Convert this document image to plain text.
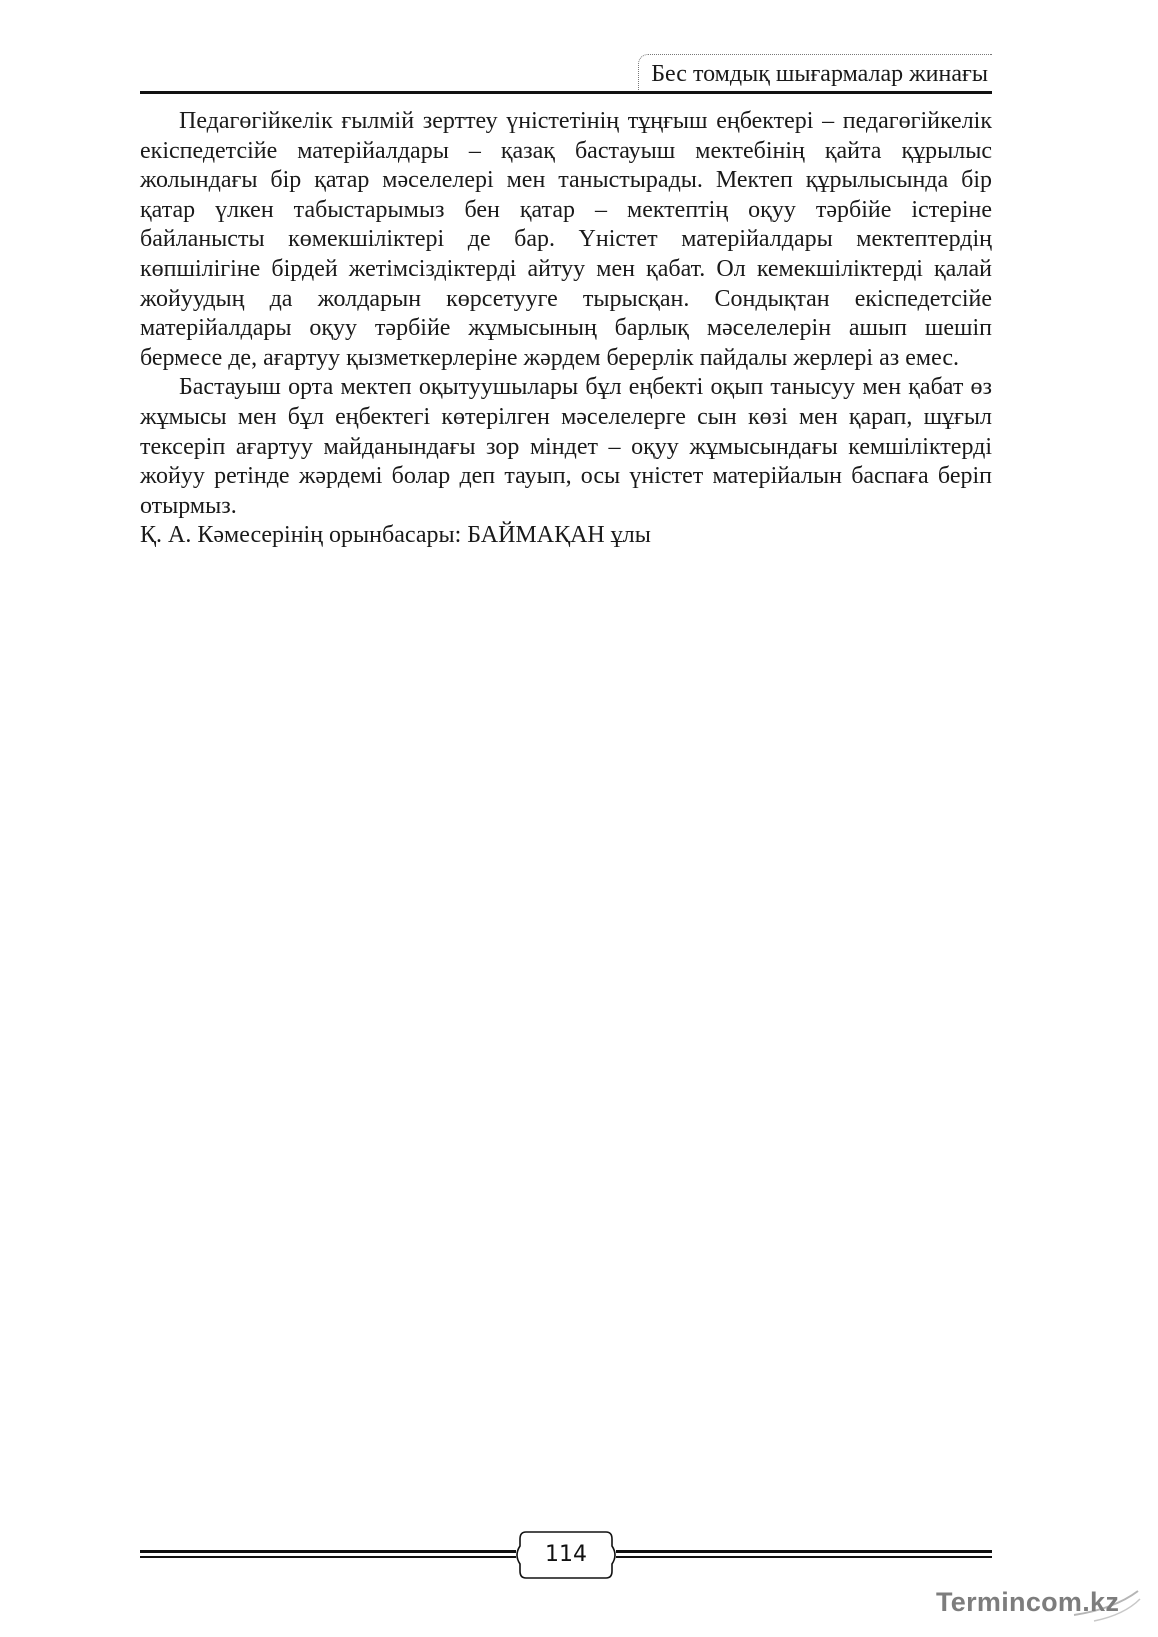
Бес томдық шығармалар жинағы

Педагөгійкелік ғылмій зерттеу үністетінің тұңғыш еңбектері – педагөгійкелік екіспедетсійе матерійалдары – қазақ бастауыш мектебінің қайта құрылыс жолындағы бір қатар мәселелері мен таныстырады. Мектеп құрылысында бір қатар үлкен табыстарымыз бен қатар – мектептің оқуу тәрбійе істеріне байланысты көмекшіліктері де бар. Үністет матерійалдары мектептердің көпшілігіне бірдей жетімсіздіктерді айтуу мен қабат. Ол кемекшіліктерді қалай жойуудың да жолдарын көрсетууге тырысқан. Сондықтан екіспедетсійе матерійалдары оқуу тәрбійе жұмысының барлық мәселелерін ашып шешіп бермесе де, ағартуу қызметкерлеріне жәрдем берерлік пайдалы жерлері аз емес.

Бастауыш орта мектеп оқытуушылары бұл еңбекті оқып танысуу мен қабат өз жұмысы мен бұл еңбектегі көтерілген мәселелерге сын көзі мен қарап, шұғыл тексеріп ағартуу майданындағы зор міндет – оқуу жұмысындағы кемшіліктерді жойуу ретінде жәрдемі болар деп тауып, осы үністет матерійалын баспаға беріп отырмыз.

Қ. А. Кәмесерінің орынбасары: БАЙМАҚАН ұлы

114
Termincom.kz
